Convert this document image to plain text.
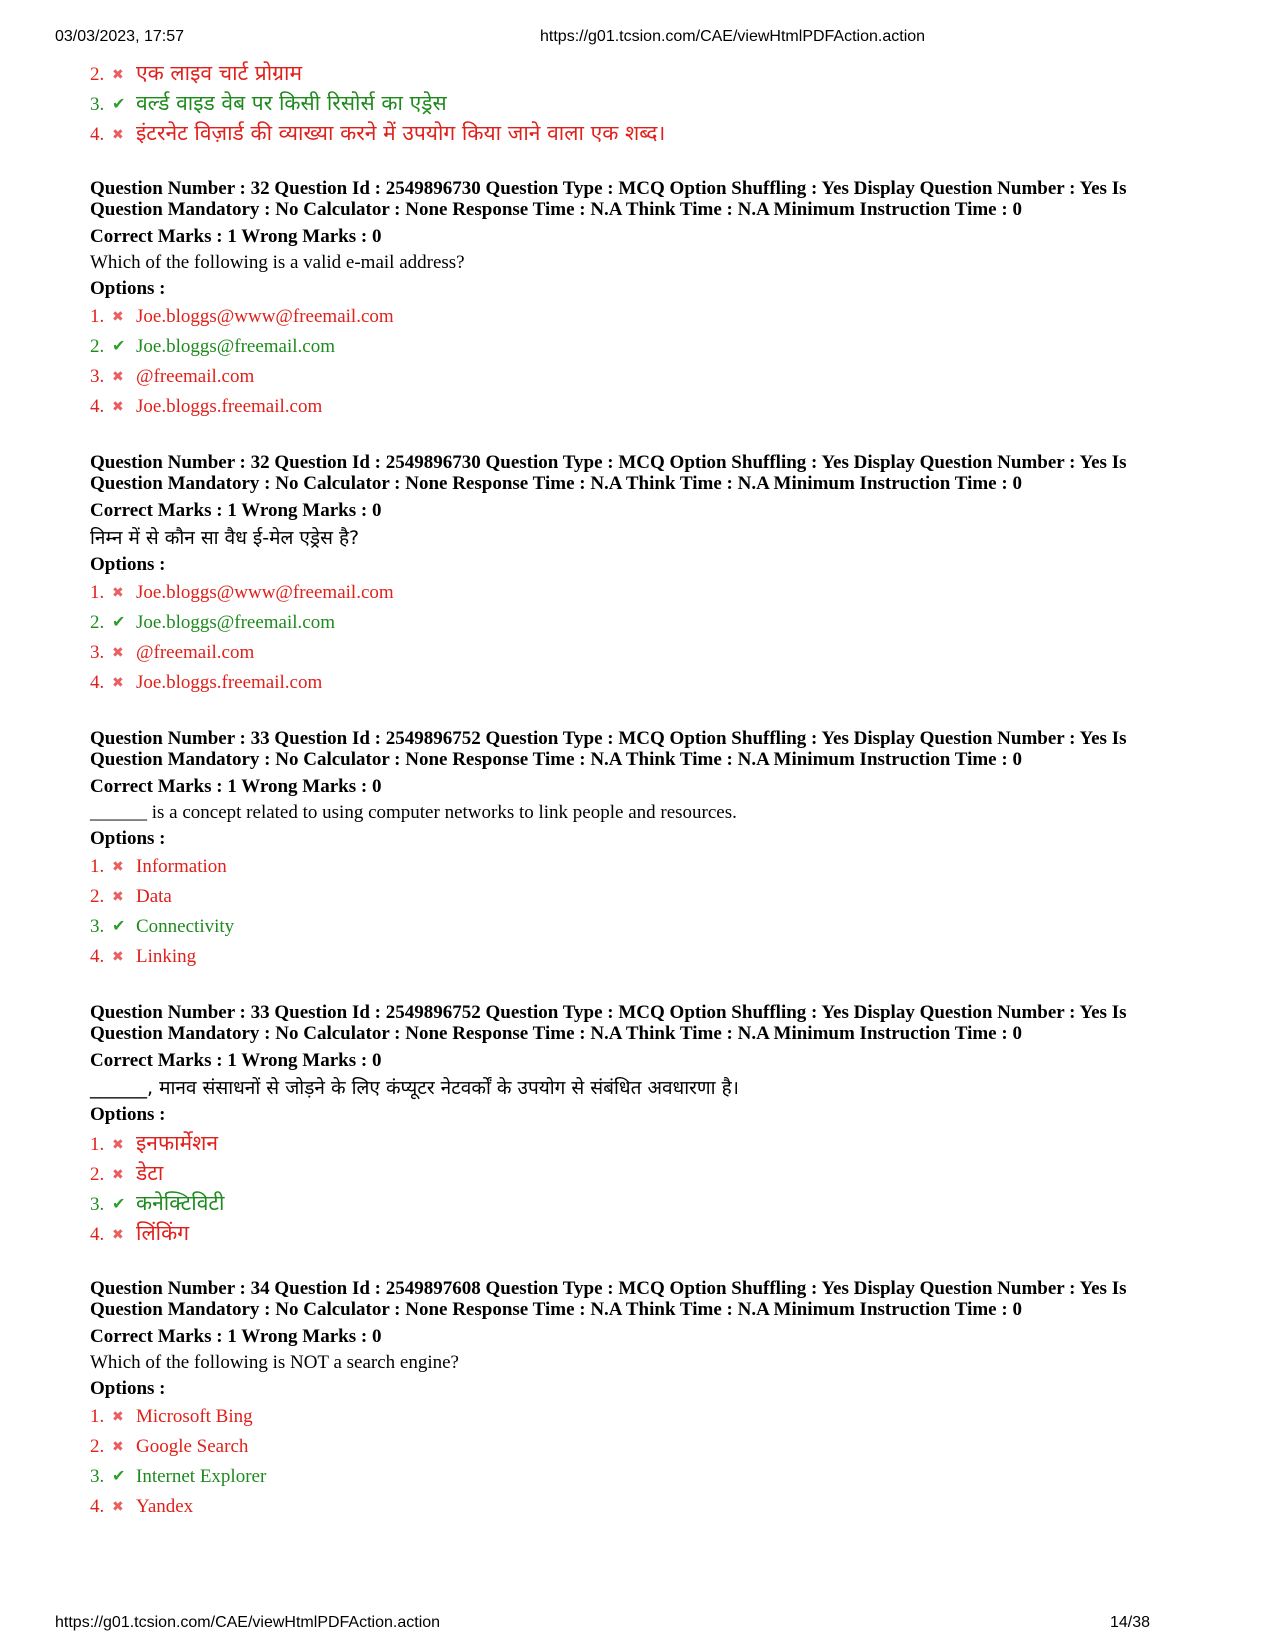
03/03/2023, 17:57	https://g01.tcsion.com/CAE/viewHtmlPDFAction.action
2. ✖ एक लाइव चार्ट प्रोग्राम
3. ✔ वर्ल्ड वाइड वेब पर किसी रिसोर्स का एड्रेस
4. ✖ इंटरनेट विज़ार्ड की व्याख्या करने में उपयोग किया जाने वाला एक शब्द।
Question Number : 32 Question Id : 2549896730 Question Type : MCQ Option Shuffling : Yes Display Question Number : Yes Is
Question Mandatory : No Calculator : None Response Time : N.A Think Time : N.A Minimum Instruction Time : 0
Correct Marks : 1 Wrong Marks : 0
Which of the following is a valid e-mail address?
Options :
1. ✖ Joe.bloggs@www@freemail.com
2. ✔ Joe.bloggs@freemail.com
3. ✖ @freemail.com
4. ✖ Joe.bloggs.freemail.com
Question Number : 32 Question Id : 2549896730 Question Type : MCQ Option Shuffling : Yes Display Question Number : Yes Is
Question Mandatory : No Calculator : None Response Time : N.A Think Time : N.A Minimum Instruction Time : 0
Correct Marks : 1 Wrong Marks : 0
निम्न में से कौन सा वैध ई-मेल एड्रेस है?
Options :
1. ✖ Joe.bloggs@www@freemail.com
2. ✔ Joe.bloggs@freemail.com
3. ✖ @freemail.com
4. ✖ Joe.bloggs.freemail.com
Question Number : 33 Question Id : 2549896752 Question Type : MCQ Option Shuffling : Yes Display Question Number : Yes Is
Question Mandatory : No Calculator : None Response Time : N.A Think Time : N.A Minimum Instruction Time : 0
Correct Marks : 1 Wrong Marks : 0
______ is a concept related to using computer networks to link people and resources.
Options :
1. ✖ Information
2. ✖ Data
3. ✔ Connectivity
4. ✖ Linking
Question Number : 33 Question Id : 2549896752 Question Type : MCQ Option Shuffling : Yes Display Question Number : Yes Is
Question Mandatory : No Calculator : None Response Time : N.A Think Time : N.A Minimum Instruction Time : 0
Correct Marks : 1 Wrong Marks : 0
______, मानव संसाधनों से जोड़ने के लिए कंप्यूटर नेटवर्कों के उपयोग से संबंधित अवधारणा है।
Options :
1. ✖ इनफार्मेशन
2. ✖ डेटा
3. ✔ कनेक्टिविटी
4. ✖ लिंकिंग
Question Number : 34 Question Id : 2549897608 Question Type : MCQ Option Shuffling : Yes Display Question Number : Yes Is
Question Mandatory : No Calculator : None Response Time : N.A Think Time : N.A Minimum Instruction Time : 0
Correct Marks : 1 Wrong Marks : 0
Which of the following is NOT a search engine?
Options :
1. ✖ Microsoft Bing
2. ✖ Google Search
3. ✔ Internet Explorer
4. ✖ Yandex
https://g01.tcsion.com/CAE/viewHtmlPDFAction.action	14/38
